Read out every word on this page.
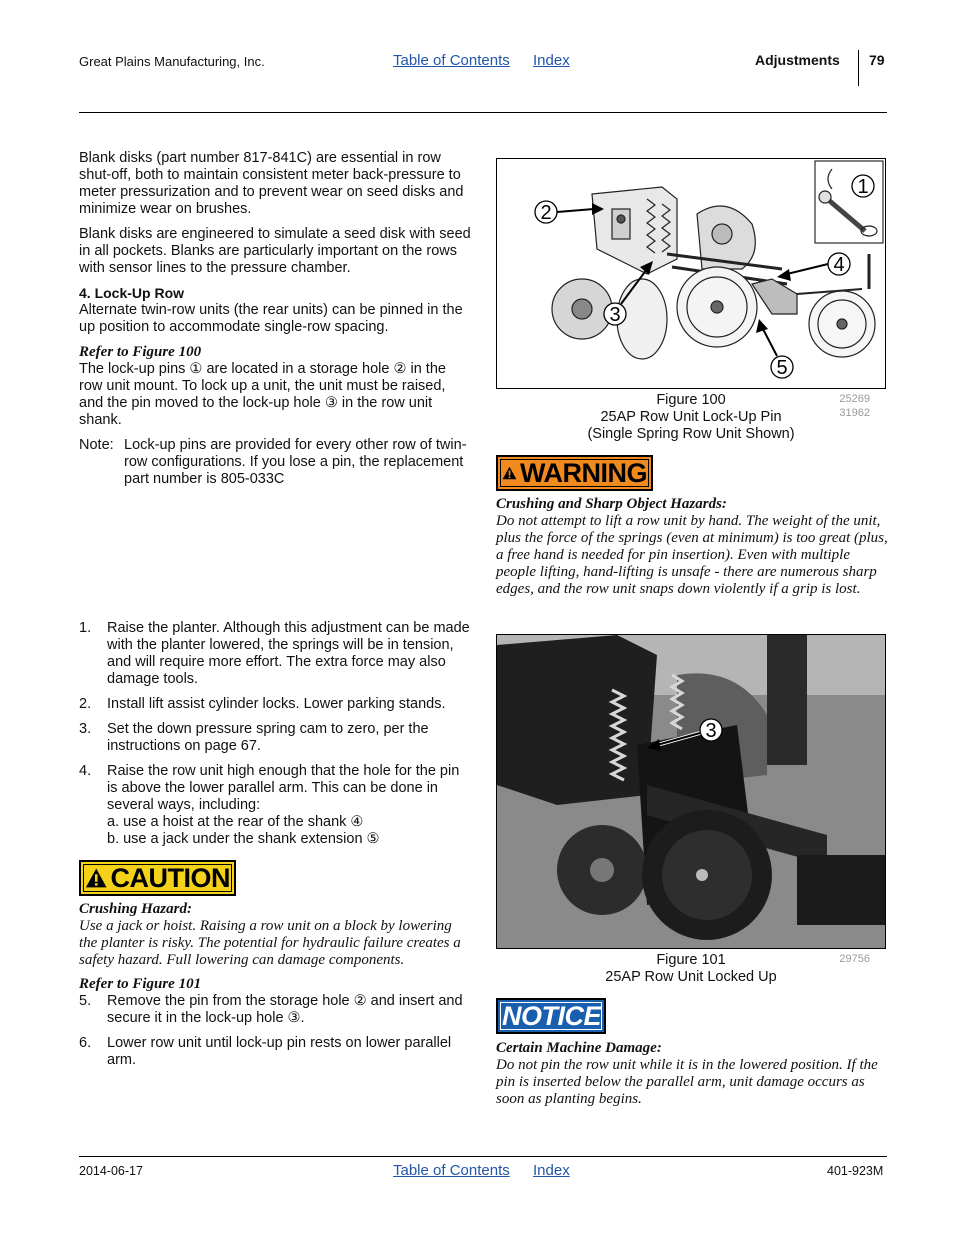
Great Plains Manufacturing, Inc.	Table of Contents Index	Adjustments 79

Blank disks (part number 817-841C) are essential in row shut-off, both to maintain consistent meter back-pressure to meter pressurization and to prevent wear on seed disks and minimize wear on brushes.

Blank disks are engineered to simulate a seed disk with seed in all pockets. Blanks are particularly important on the rows with sensor lines to the pressure chamber.

4. Lock-Up Row

Alternate twin-row units (the rear units) can be pinned in the up position to accommodate single-row spacing.

Refer to Figure 100

The lock-up pins ① are located in a storage hole ② in the row unit mount. To lock up a unit, the unit must be raised, and the pin moved to the lock-up hole ③ in the row unit shank.

Note: Lock-up pins are provided for every other row of twin-row configurations. If you lose a pin, the replacement part number is 805-033C
1.	Raise the planter. Although this adjustment can be made with the planter lowered, the springs will be in tension, and will require more effort. The extra force may also damage tools.
2.	Install lift assist cylinder locks. Lower parking stands.
3.	Set the down pressure spring cam to zero, per the instructions on page 67.
4.	Raise the row unit high enough that the hole for the pin is above the lower parallel arm. This can be done in several ways, including:
a. use a hoist at the rear of the shank ④
b. use a jack under the shank extension ⑤
CAUTION
Crushing Hazard:
Use a jack or hoist. Raising a row unit on a block by lowering the planter is risky. The potential for hydraulic failure creates a safety hazard. Full lowering can damage components.
Refer to Figure 101
5.	Remove the pin from the storage hole ② and insert and secure it in the lock-up hole ③.
6.	Lower row unit until lock-up pin rests on lower parallel arm.
1
2
3
4
5
Figure 100
25AP Row Unit Lock-Up Pin
(Single Spring Row Unit Shown)
25269
31962
WARNING
Crushing and Sharp Object Hazards:
Do not attempt to lift a row unit by hand. The weight of the unit, plus the force of the springs (even at minimum) is too great (plus, a free hand is needed for pin insertion). Even with multiple people lifting, hand-lifting is unsafe - there are numerous sharp edges, and the row unit snaps down violently if a grip is lost.
3
Figure 101
25AP Row Unit Locked Up
29756
NOTICE
Certain Machine Damage:
Do not pin the row unit while it is in the lowered position. If the pin is inserted below the parallel arm, unit damage occurs as soon as planting begins.
2014-06-17	Table of Contents Index	401-923M
